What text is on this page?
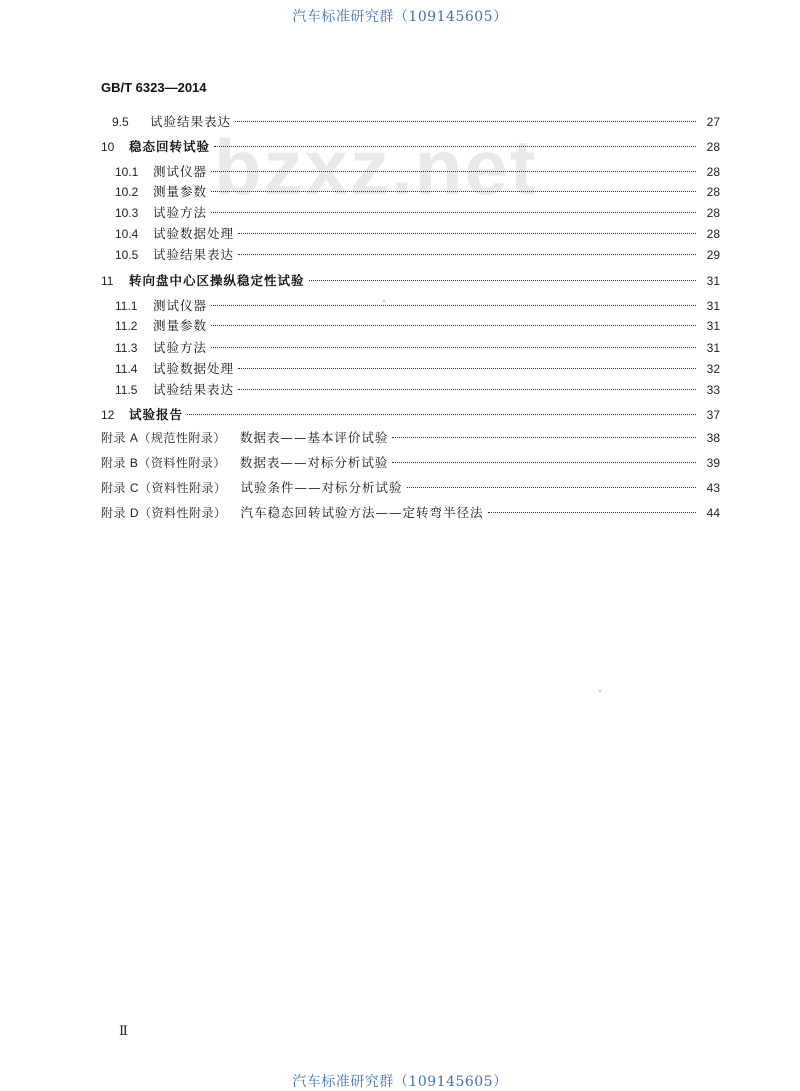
汽车标准研究群（109145605）
GB/T 6323—2014
bzxz.net
9.5	试验结果表达	27
10	稳态回转试验	28
10.1	测试仪器	28
10.2	测量参数	28
10.3	试验方法	28
10.4	试验数据处理	28
10.5	试验结果表达	29
11	转向盘中心区操纵稳定性试验	31
11.1	测试仪器	31
11.2	测量参数	31
11.3	试验方法	31
11.4	试验数据处理	32
11.5	试验结果表达	33
12	试验报告	37
附录 A（规范性附录） 数据表——基本评价试验	38
附录 B（资料性附录） 数据表——对标分析试验	39
附录 C（资料性附录） 试验条件——对标分析试验	43
附录 D（资料性附录） 汽车稳态回转试验方法——定转弯半径法	44
Ⅱ
汽车标准研究群（109145605）
